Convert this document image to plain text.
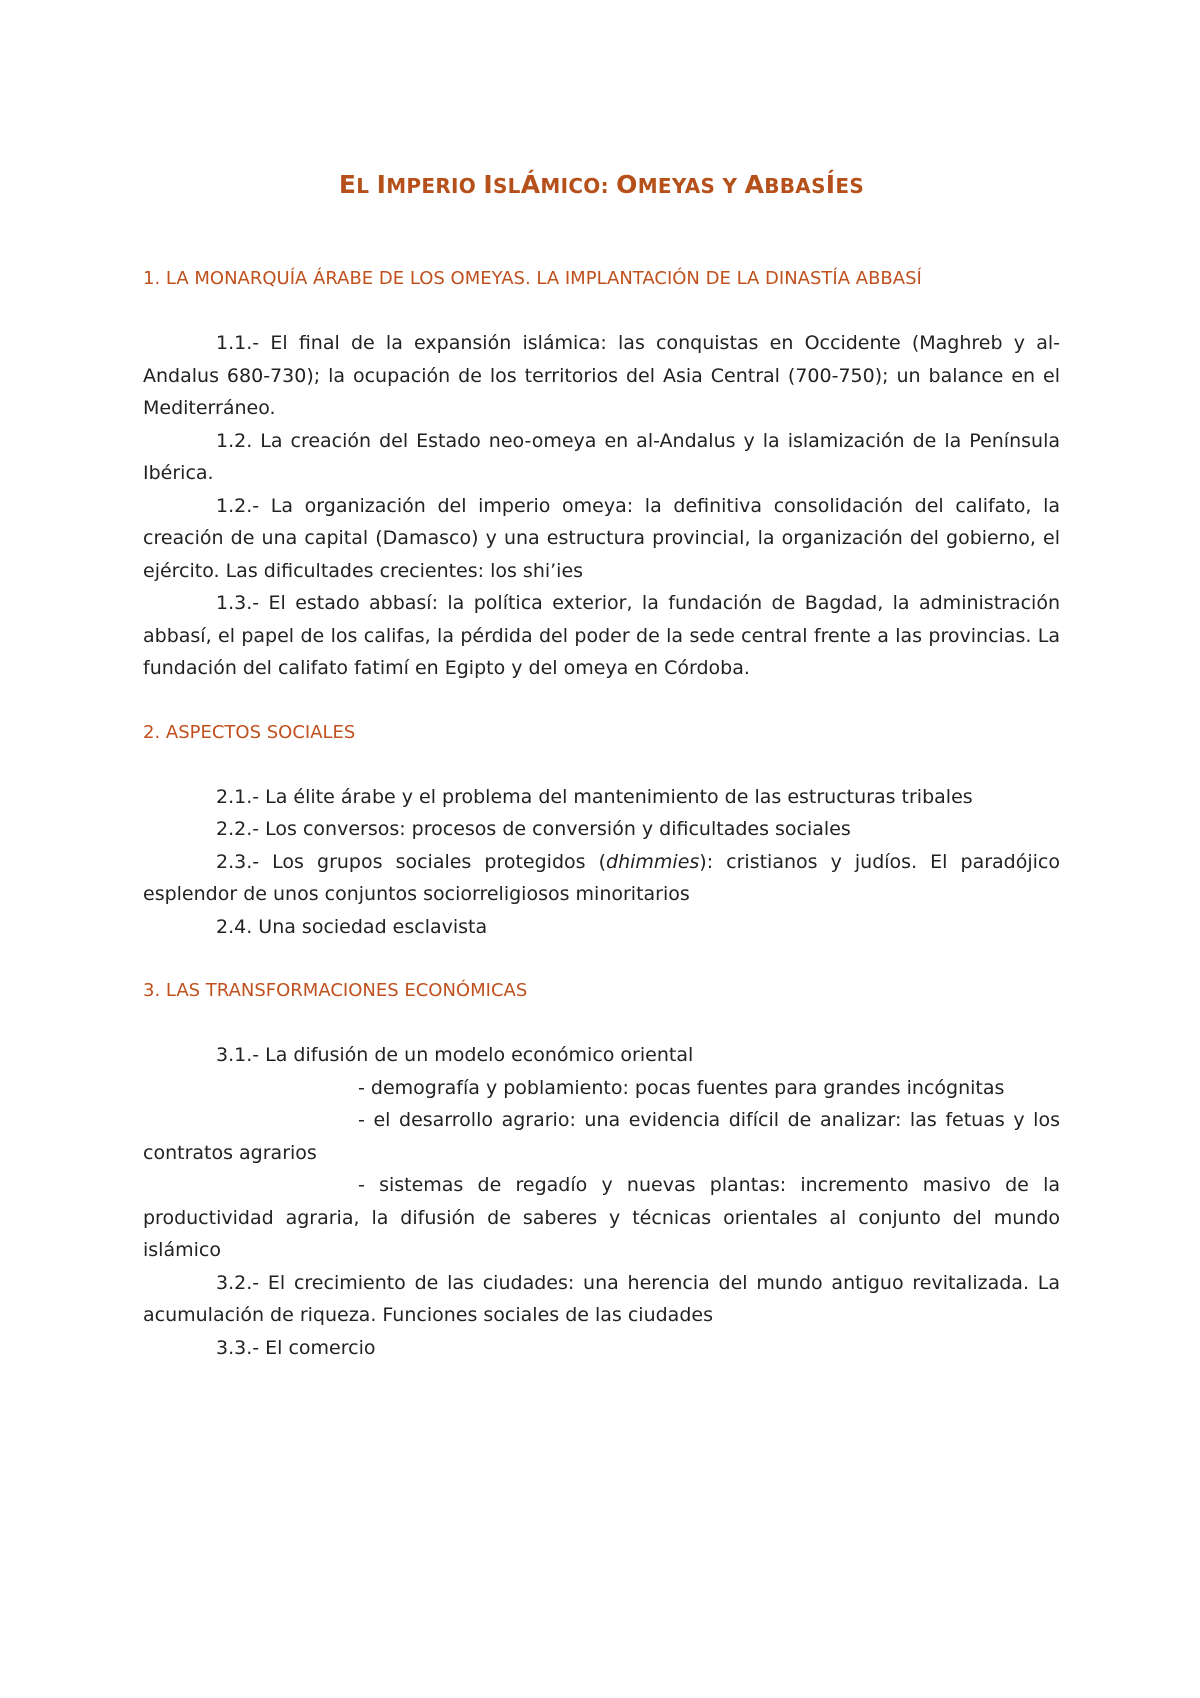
EL IMPERIO ISLÁMICO: OMEYAS Y ABBASÍES

1. LA MONARQUÍA ÁRABE DE LOS OMEYAS. LA IMPLANTACIÓN DE LA DINASTÍA ABBASÍ

1.1.- El final de la expansión islámica: las conquistas en Occidente (Maghreb y al-Andalus 680-730); la ocupación de los territorios del Asia Central (700-750); un balance en el Mediterráneo.

1.2. La creación del Estado neo-omeya en al-Andalus y la islamización de la Península Ibérica.

1.2.- La organización del imperio omeya: la definitiva consolidación del califato, la creación de una capital (Damasco) y una estructura provincial, la organización del gobierno, el ejército. Las dificultades crecientes: los shi’ies

1.3.- El estado abbasí: la política exterior, la fundación de Bagdad, la administración abbasí, el papel de los califas, la pérdida del poder de la sede central frente a las provincias. La fundación del califato fatimí en Egipto y del omeya en Córdoba.

2. ASPECTOS SOCIALES

2.1.- La élite árabe y el problema del mantenimiento de las estructuras tribales

2.2.- Los conversos: procesos de conversión y dificultades sociales

2.3.- Los grupos sociales protegidos (dhimmies): cristianos y judíos. El paradójico esplendor de unos conjuntos sociorreligiosos minoritarios

2.4. Una sociedad esclavista

3. LAS TRANSFORMACIONES ECONÓMICAS

3.1.- La difusión de un modelo económico oriental

- demografía y poblamiento: pocas fuentes para grandes incógnitas

- el desarrollo agrario: una evidencia difícil de analizar: las fetuas y los contratos agrarios

- sistemas de regadío y nuevas plantas: incremento masivo de la productividad agraria, la difusión de saberes y técnicas orientales al conjunto del mundo islámico

3.2.- El crecimiento de las ciudades: una herencia del mundo antiguo revitalizada. La acumulación de riqueza. Funciones sociales de las ciudades

3.3.- El comercio
